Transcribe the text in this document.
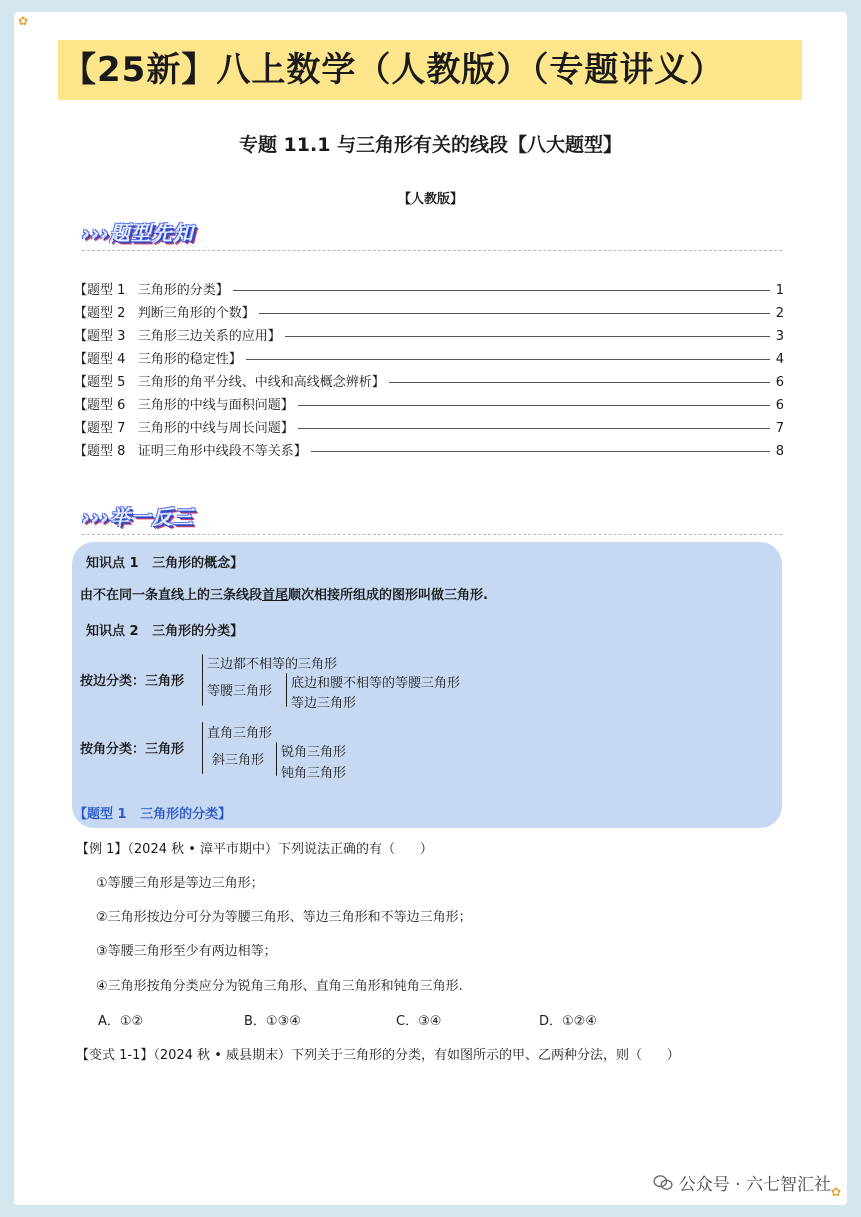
✿
【25新】八上数学（人教版）（专题讲义）
专题 11.1 与三角形有关的线段【八大题型】
【人教版】
›››题型先知
【题型 1   三角形的分类】	1
【题型 2   判断三角形的个数】	2
【题型 3   三角形三边关系的应用】	3
【题型 4   三角形的稳定性】	4
【题型 5   三角形的角平分线、中线和高线概念辨析】	6
【题型 6   三角形的中线与面积问题】	6
【题型 7   三角形的中线与周长问题】	7
【题型 8   证明三角形中线段不等关系】	8
›››举一反三
知识点 1   三角形的概念】
由不在同一条直线上的三条线段首尾顺次相接所组成的图形叫做三角形.
知识点 2   三角形的分类】
按边分类：三角形
三边都不相等的三角形
等腰三角形
底边和腰不相等的等腰三角形
等边三角形
按角分类：三角形
直角三角形
斜三角形
锐角三角形
钝角三角形
【题型 1   三角形的分类】
【例 1】（2024 秋 • 漳平市期中）下列说法正确的有（      ）
①等腰三角形是等边三角形；
②三角形按边分可分为等腰三角形、等边三角形和不等边三角形；
③等腰三角形至少有两边相等；
④三角形按角分类应分为锐角三角形、直角三角形和钝角三角形.
A．①②	B．①③④	C．③④	D．①②④
【变式 1-1】（2024 秋 • 威县期末）下列关于三角形的分类，有如图所示的甲、乙两种分法，则（      ）
公众号 · 六七智汇社 ✿
